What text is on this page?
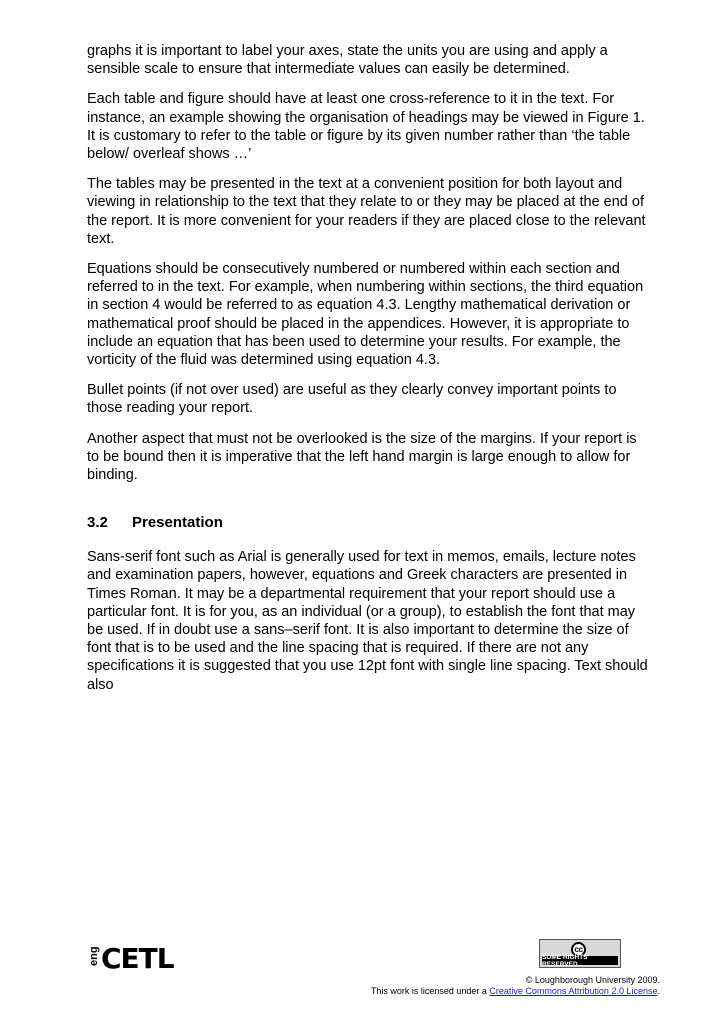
graphs it is important to label your axes, state the units you are using and apply a
sensible scale to ensure that intermediate values can easily be determined.

Each table and figure should have at least one cross-reference to it in the text. For
instance, an example showing the organisation of headings may be viewed in Figure 1.
It is customary to refer to the table or figure by its given number rather than ‘the table
below/ overleaf shows …’

The tables may be presented in the text at a convenient position for both layout and
viewing in relationship to the text that they relate to or they may be placed at the end of
the report. It is more convenient for your readers if they are placed close to the relevant
text.

Equations should be consecutively numbered or numbered within each section and
referred to in the text. For example, when numbering within sections, the third equation
in section 4 would be referred to as equation 4.3. Lengthy mathematical derivation or
mathematical proof should be placed in the appendices. However, it is appropriate to
include an equation that has been used to determine your results. For example, the
vorticity of the fluid was determined using equation 4.3.

Bullet points (if not over used) are useful as they clearly convey important points to
those reading your report.

Another aspect that must not be overlooked is the size of the margins. If your report is
to be bound then it is imperative that the left hand margin is large enough to allow for
binding.

3.2	Presentation

Sans-serif font such as Arial is generally used for text in memos, emails, lecture notes
and examination papers, however, equations and Greek characters are presented in
Times Roman. It may be a departmental requirement that your report should use a
particular font. It is for you, as an individual (or a group), to establish the font that may
be used. If in doubt use a sans–serif font. It is also important to determine the size of
font that is to be used and the line spacing that is required. If there are not any
specifications it is suggested that you use 12pt font with single line spacing. Text should
also

eng CETL	cc
SOME RIGHTS RESERVED
© Loughborough University 2009.
This work is licensed under a Creative Commons Attribution 2.0 License.
